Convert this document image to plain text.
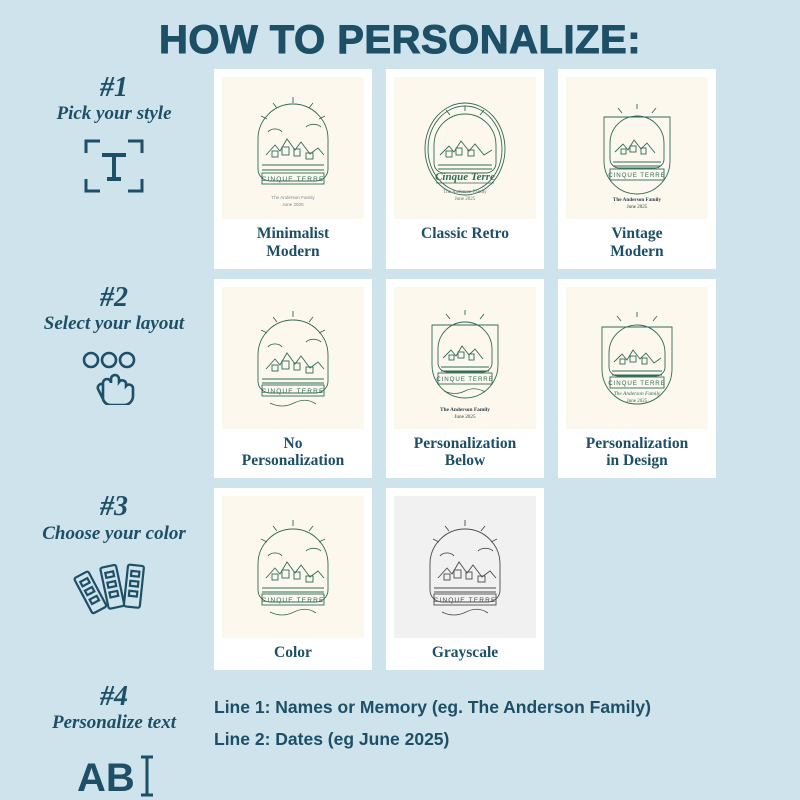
HOW TO PERSONALIZE:
#1
Pick your style
CINQUE TERRE
The Anderson Family
June 2025
Minimalist
Modern
Cinque Terre
The Anderson Family
June 2025
Classic Retro
CINQUE TERRE
The Anderson Family
June 2025
Vintage
Modern
#2
Select your layout
CINQUE TERRE
No
Personalization
CINQUE TERRE
The Anderson Family
June 2025
Personalization
Below
CINQUE TERRE
The Anderson Family
June 2025
Personalization
in Design
#3
Choose your color
CINQUE TERRE
Color
CINQUE TERRE
Grayscale
#4
Personalize text
AB
Line 1: Names or Memory (eg. The Anderson Family)
Line 2: Dates (eg June 2025)
